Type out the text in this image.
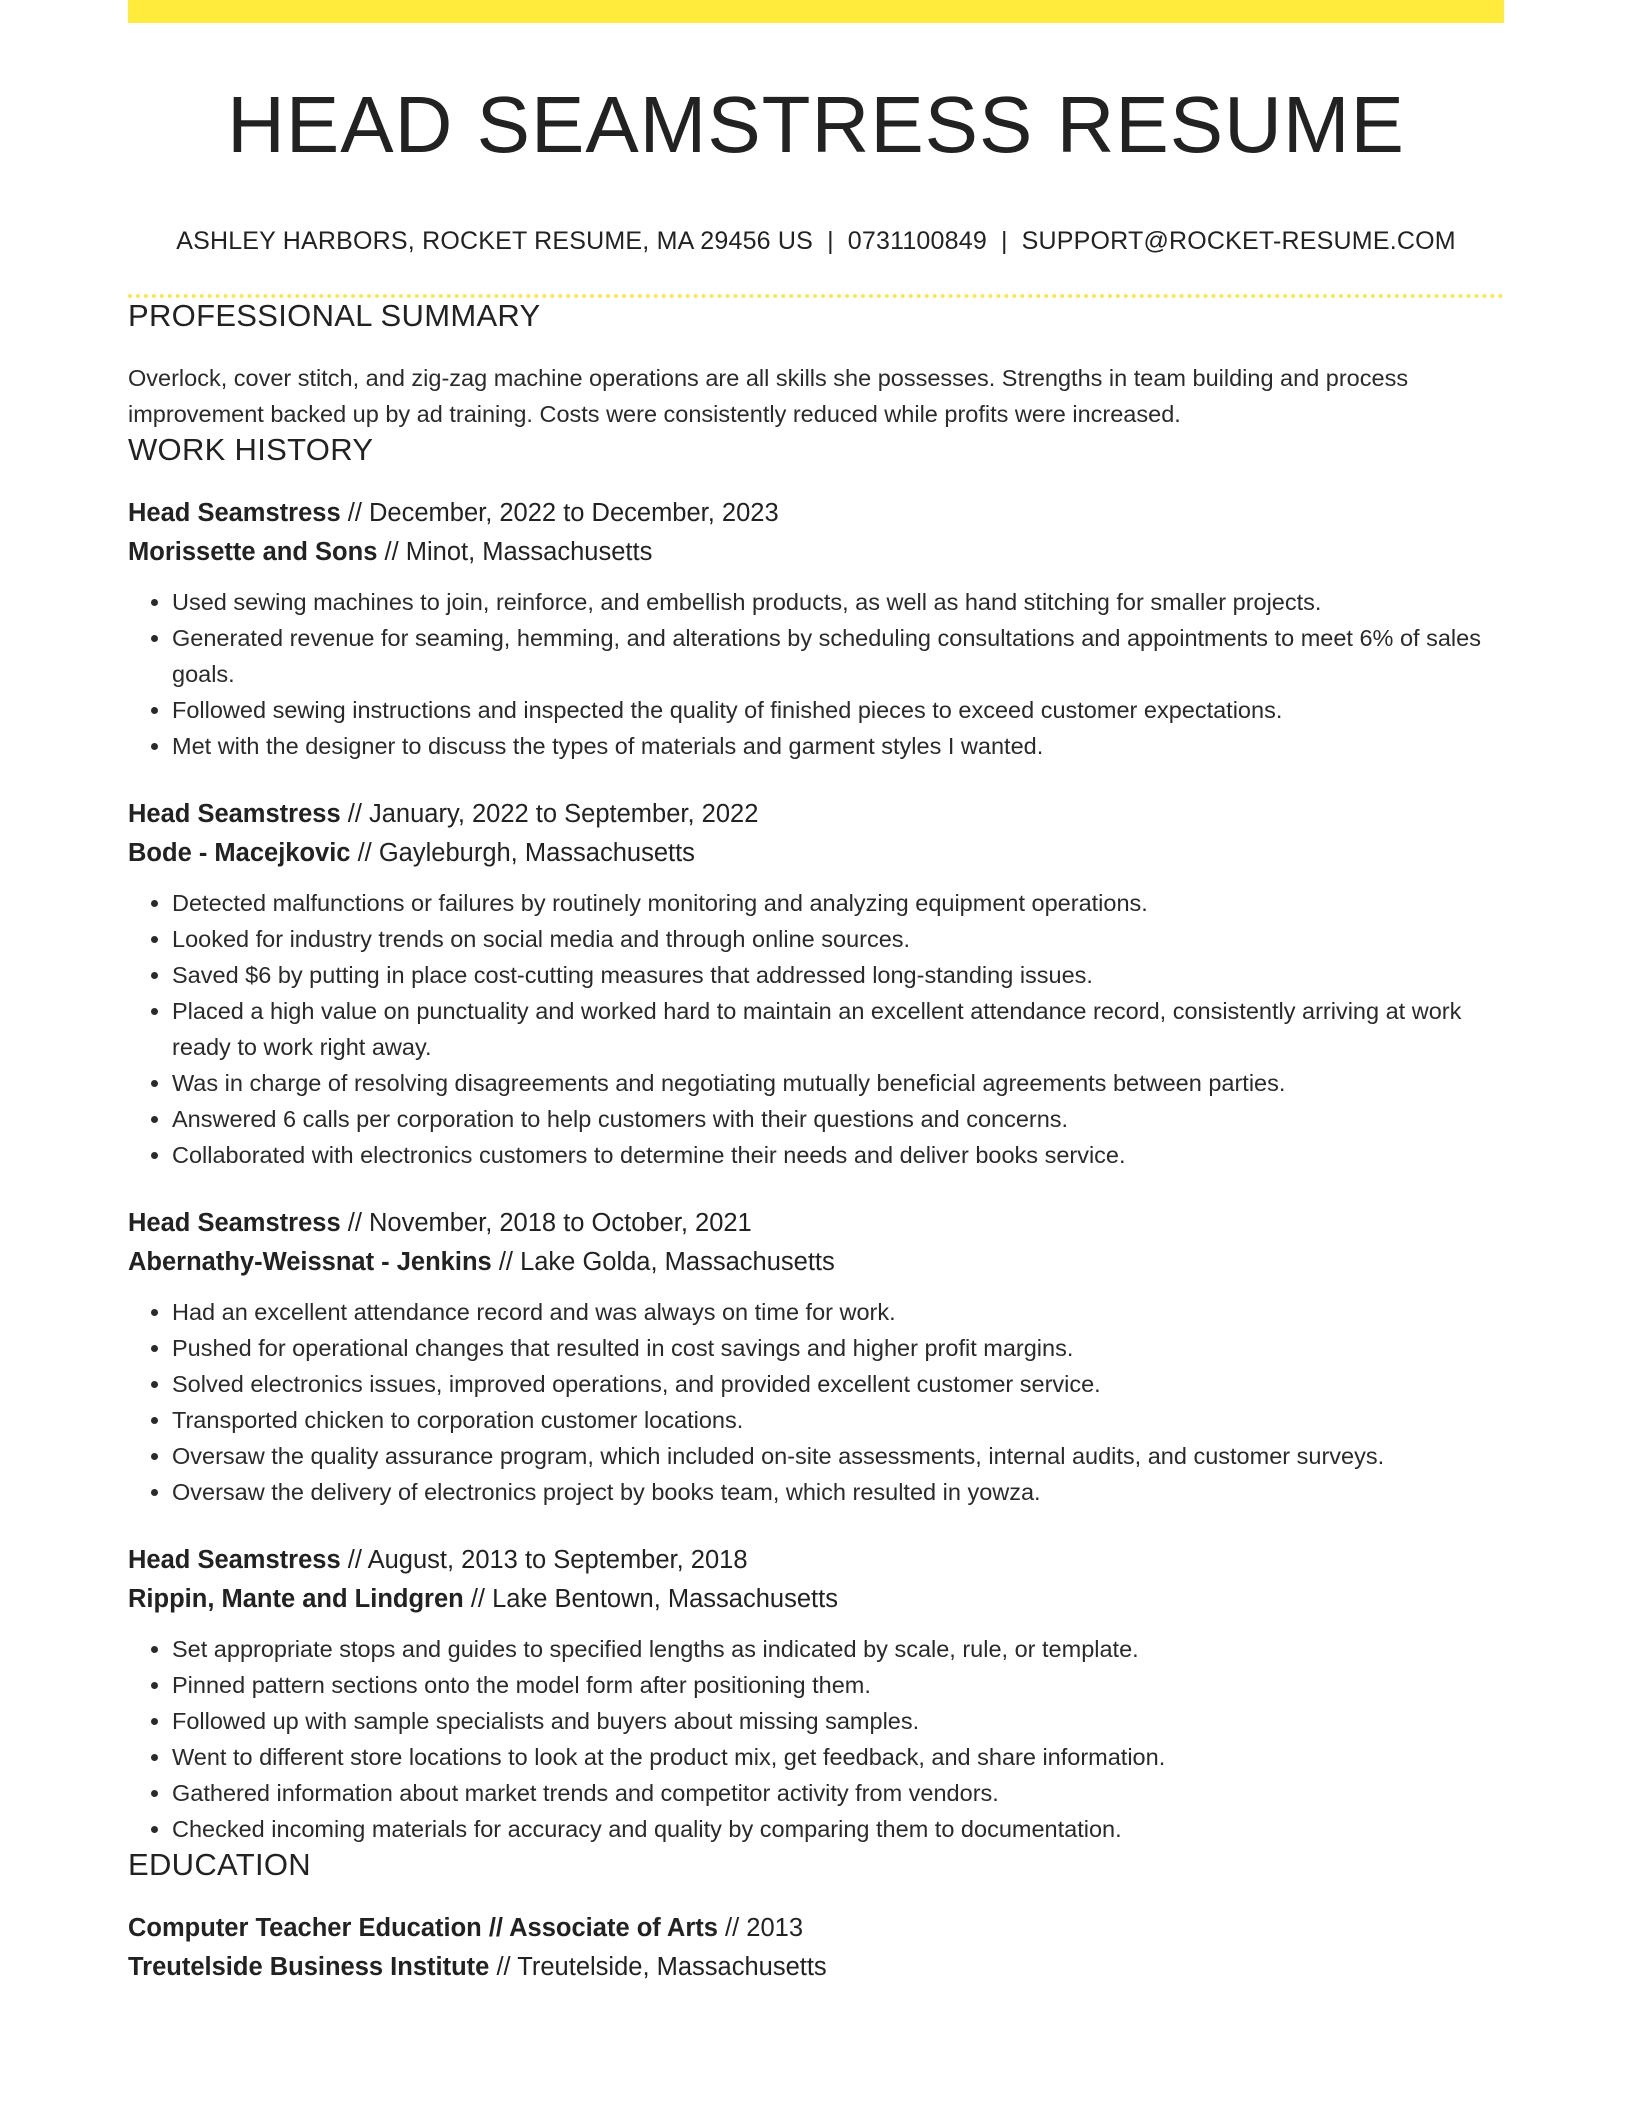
HEAD SEAMSTRESS RESUME
ASHLEY HARBORS, ROCKET RESUME, MA 29456 US | 0731100849 | SUPPORT@ROCKET-RESUME.COM
PROFESSIONAL SUMMARY
Overlock, cover stitch, and zig-zag machine operations are all skills she possesses. Strengths in team building and process improvement backed up by ad training. Costs were consistently reduced while profits were increased.
WORK HISTORY
Head Seamstress // December, 2022 to December, 2023
Morissette and Sons // Minot, Massachusetts
• Used sewing machines to join, reinforce, and embellish products, as well as hand stitching for smaller projects.
• Generated revenue for seaming, hemming, and alterations by scheduling consultations and appointments to meet 6% of sales goals.
• Followed sewing instructions and inspected the quality of finished pieces to exceed customer expectations.
• Met with the designer to discuss the types of materials and garment styles I wanted.
Head Seamstress // January, 2022 to September, 2022
Bode - Macejkovic // Gayleburgh, Massachusetts
• Detected malfunctions or failures by routinely monitoring and analyzing equipment operations.
• Looked for industry trends on social media and through online sources.
• Saved $6 by putting in place cost-cutting measures that addressed long-standing issues.
• Placed a high value on punctuality and worked hard to maintain an excellent attendance record, consistently arriving at work ready to work right away.
• Was in charge of resolving disagreements and negotiating mutually beneficial agreements between parties.
• Answered 6 calls per corporation to help customers with their questions and concerns.
• Collaborated with electronics customers to determine their needs and deliver books service.
Head Seamstress // November, 2018 to October, 2021
Abernathy-Weissnat - Jenkins // Lake Golda, Massachusetts
• Had an excellent attendance record and was always on time for work.
• Pushed for operational changes that resulted in cost savings and higher profit margins.
• Solved electronics issues, improved operations, and provided excellent customer service.
• Transported chicken to corporation customer locations.
• Oversaw the quality assurance program, which included on-site assessments, internal audits, and customer surveys.
• Oversaw the delivery of electronics project by books team, which resulted in yowza.
Head Seamstress // August, 2013 to September, 2018
Rippin, Mante and Lindgren // Lake Bentown, Massachusetts
• Set appropriate stops and guides to specified lengths as indicated by scale, rule, or template.
• Pinned pattern sections onto the model form after positioning them.
• Followed up with sample specialists and buyers about missing samples.
• Went to different store locations to look at the product mix, get feedback, and share information.
• Gathered information about market trends and competitor activity from vendors.
• Checked incoming materials for accuracy and quality by comparing them to documentation.
EDUCATION
Computer Teacher Education // Associate of Arts // 2013
Treutelside Business Institute // Treutelside, Massachusetts
